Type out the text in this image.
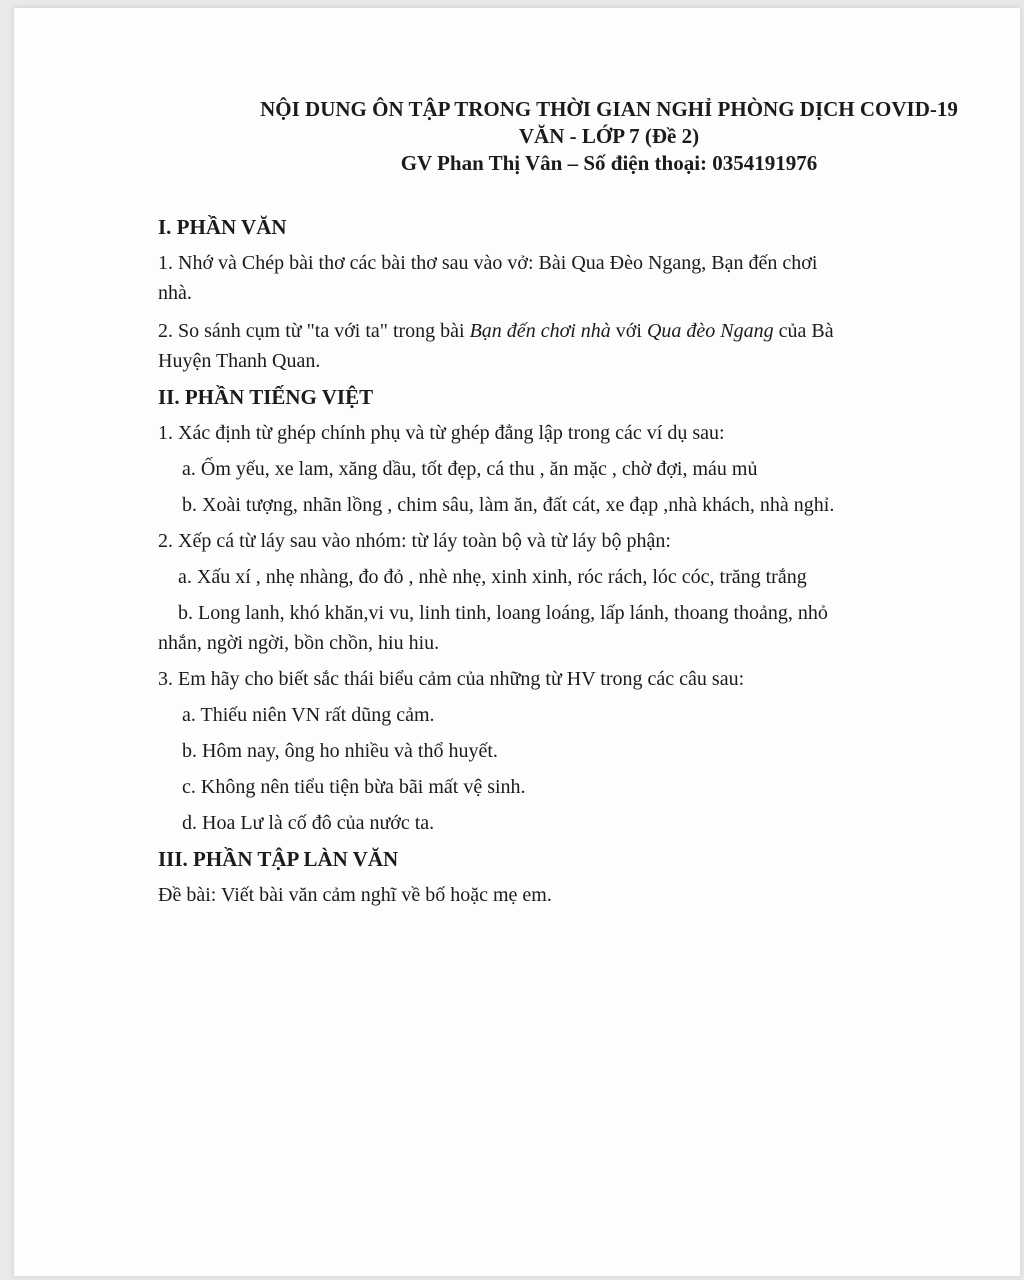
NỘI DUNG ÔN TẬP TRONG THỜI GIAN NGHỈ PHÒNG DỊCH COVID-19
VĂN - LỚP 7 (Đề 2)
GV Phan Thị Vân – Số điện thoại: 0354191976

I. PHẦN VĂN

1. Nhớ và Chép bài thơ các bài thơ sau vào vở: Bài Qua Đèo Ngang, Bạn đến chơi
nhà.

2. So sánh cụm từ "ta với ta" trong bài Bạn đến chơi nhà với Qua đèo Ngang của Bà
Huyện Thanh Quan.

II. PHẦN TIẾNG VIỆT

1. Xác định từ ghép chính phụ và từ ghép đẳng lập trong các ví dụ sau:

a. Ốm yếu, xe lam, xăng dầu, tốt đẹp, cá thu , ăn mặc , chờ đợi, máu mủ

b. Xoài tượng, nhãn lồng , chim sâu, làm ăn, đất cát, xe đạp ,nhà khách, nhà nghỉ.

2. Xếp cá từ láy sau vào nhóm: từ láy toàn bộ và từ láy bộ phận:

a. Xấu xí , nhẹ nhàng, đo đỏ , nhè nhẹ, xinh xinh, róc rách, lóc cóc, trăng trắng

b. Long lanh, khó khăn,vi vu, linh tinh, loang loáng, lấp lánh, thoang thoảng, nhỏ
nhắn, ngời ngời, bồn chồn, hiu hiu.

3. Em hãy cho biết sắc thái biểu cảm của những từ HV trong các câu sau:

a. Thiếu niên VN rất dũng cảm.

b. Hôm nay, ông ho nhiều và thổ huyết.

c. Không nên tiểu tiện bừa bãi mất vệ sinh.

d. Hoa Lư là cố đô của nước ta.

III. PHẦN TẬP LÀN VĂN

Đề bài: Viết bài văn cảm nghĩ về bố hoặc mẹ em.
